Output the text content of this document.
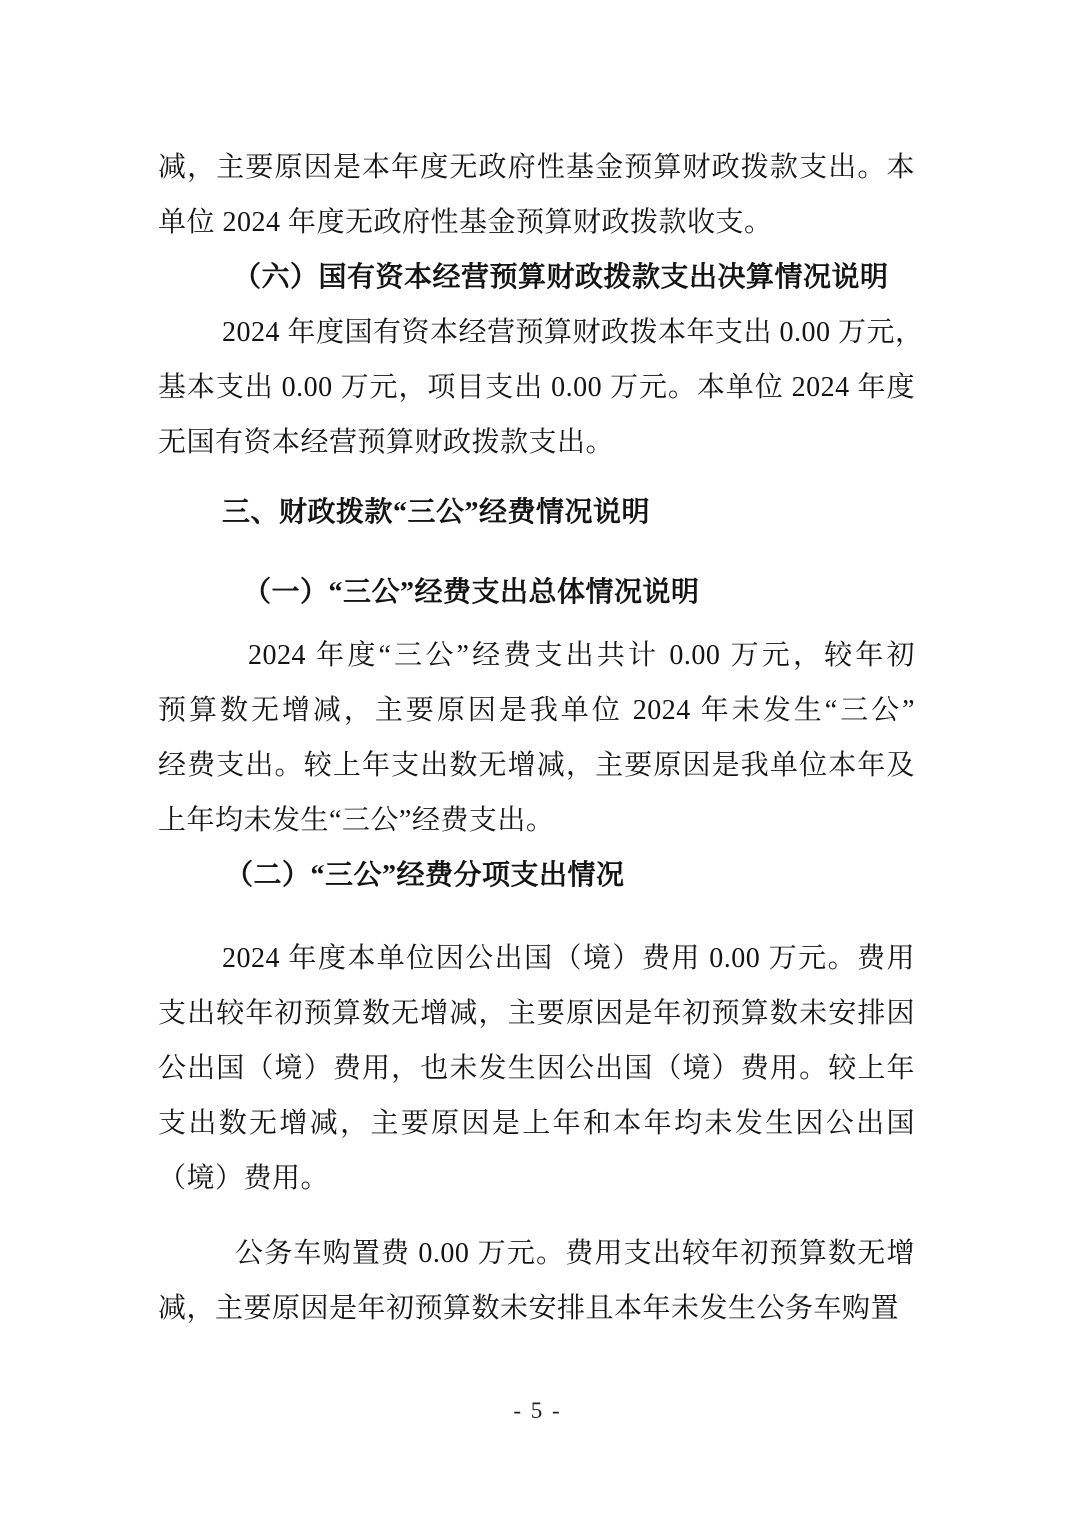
减，主要原因是本年度无政府性基金预算财政拨款支出。本
单位 2024 年度无政府性基金预算财政拨款收支。
（六）国有资本经营预算财政拨款支出决算情况说明
2024 年度国有资本经营预算财政拨本年支出 0.00 万元，
基本支出 0.00 万元，项目支出 0.00 万元。本单位 2024 年度
无国有资本经营预算财政拨款支出。
三、财政拨款“三公”经费情况说明
（一）“三公”经费支出总体情况说明
2024 年度“三公”经费支出共计 0.00 万元，较年初
预算数无增减，主要原因是我单位 2024 年未发生“三公”
经费支出。较上年支出数无增减，主要原因是我单位本年及
上年均未发生“三公”经费支出。
（二）“三公”经费分项支出情况
2024 年度本单位因公出国（境）费用 0.00 万元。费用
支出较年初预算数无增减，主要原因是年初预算数未安排因
公出国（境）费用，也未发生因公出国（境）费用。较上年
支出数无增减，主要原因是上年和本年均未发生因公出国
（境）费用。
公务车购置费 0.00 万元。费用支出较年初预算数无增
减，主要原因是年初预算数未安排且本年未发生公务车购置
- 5 -
